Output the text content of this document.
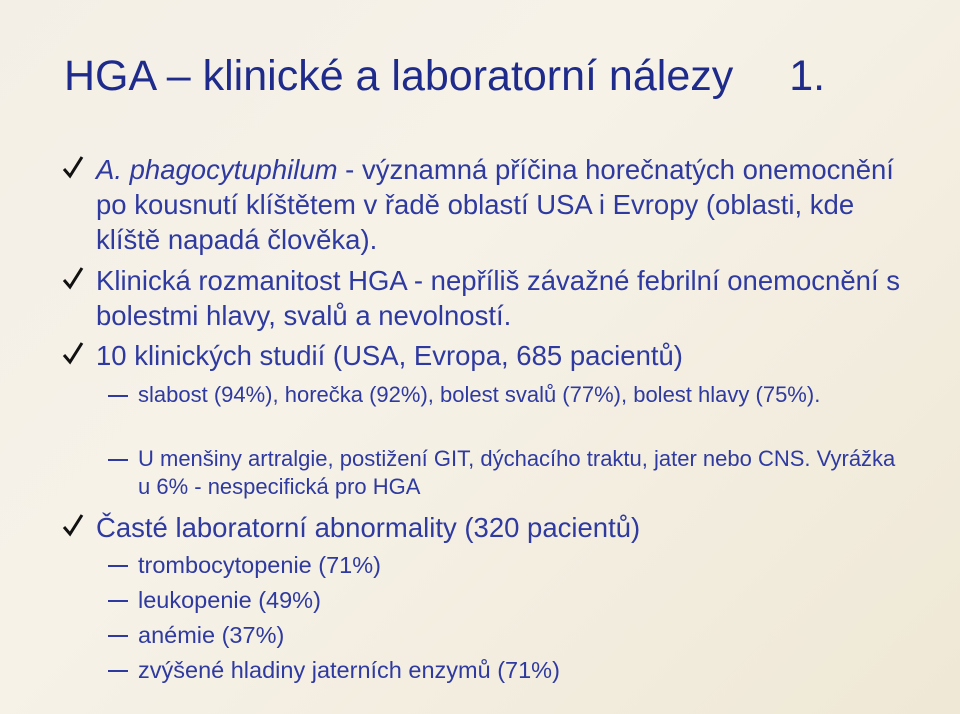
HGA – klinické a laboratorní nálezy 1.
A. phagocytuphilum - významná příčina horečnatých onemocnění po kousnutí klíštětem v řadě oblastí USA i Evropy (oblasti, kde klíště napadá člověka).
Klinická rozmanitost HGA - nepříliš závažné febrilní onemocnění s bolestmi hlavy, svalů a nevolností.
10 klinických studií (USA, Evropa, 685 pacientů)
slabost (94%), horečka (92%), bolest svalů (77%), bolest hlavy (75%).
U menšiny artralgie, postižení GIT, dýchacího traktu, jater nebo CNS. Vyrážka u 6% - nespecifická pro HGA
Časté laboratorní abnormality (320 pacientů)
trombocytopenie (71%)
leukopenie (49%)
anémie (37%)
zvýšené hladiny jaterních enzymů (71%)
